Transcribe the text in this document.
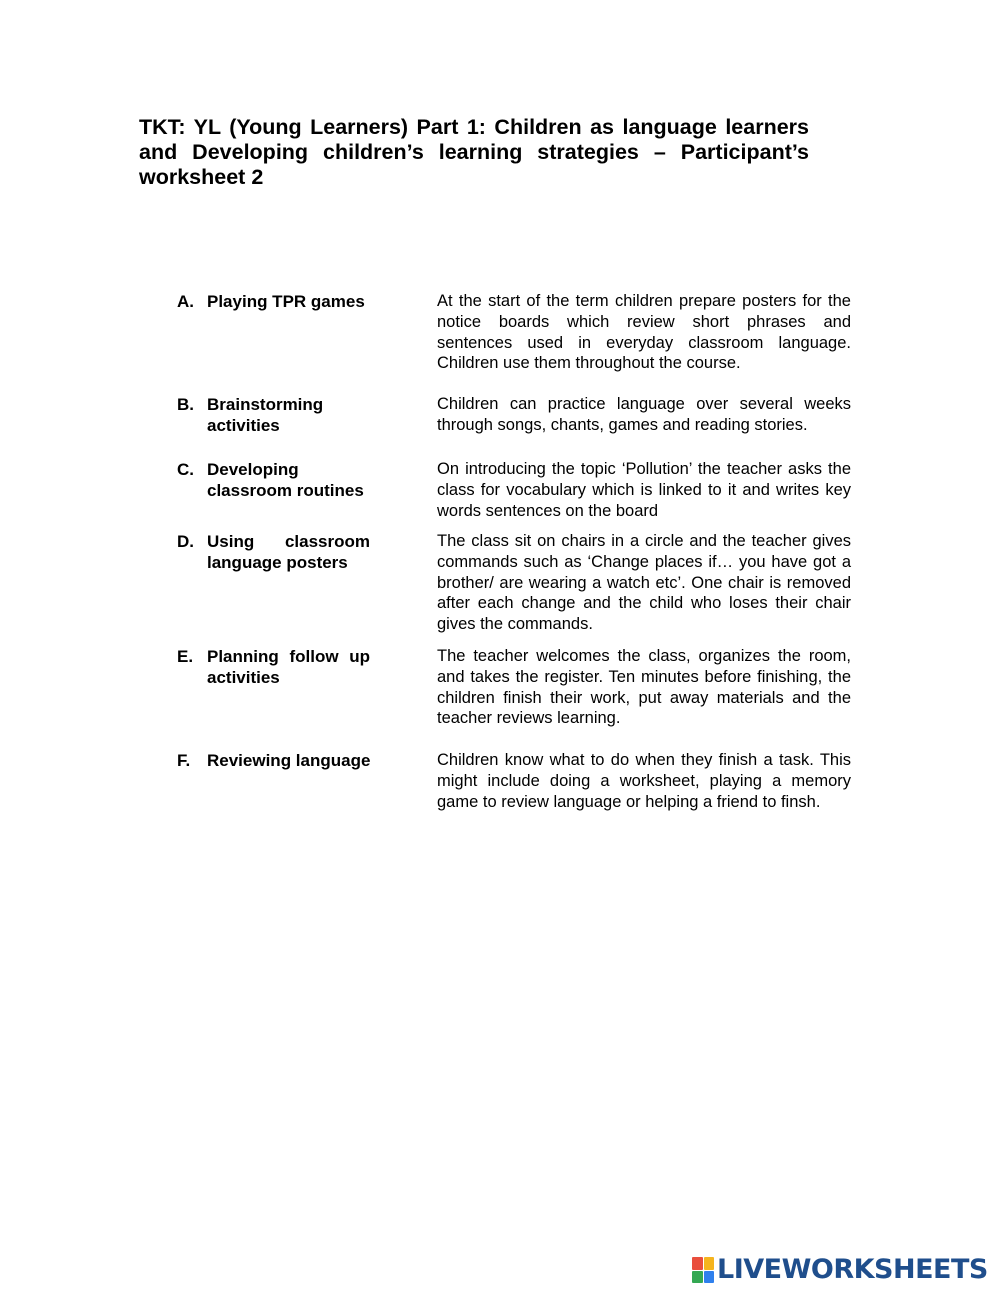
TKT: YL (Young Learners) Part 1: Children as language learners and Developing children’s learning strategies – Participant’s worksheet 2
A. Playing TPR games	At the start of the term children prepare posters for the notice boards which review short phrases and sentences used in everyday classroom language. Children use them throughout the course.
B. Brainstorming activities
Children can practice language over several weeks through songs, chants, games and reading stories.
C. Developing classroom routines
On introducing the topic ‘Pollution’ the teacher asks the class for vocabulary which is linked to it and writes key words sentences on the board
D. Using classroom language posters
The class sit on chairs in a circle and the teacher gives commands such as ‘Change places if… you have got a brother/ are wearing a watch etc’. One chair is removed after each change and the child who loses their chair gives the commands.
E. Planning follow up activities
The teacher welcomes the class, organizes the room, and takes the register. Ten minutes before finishing, the children finish their work, put away materials and the teacher reviews learning.
F. Reviewing language	Children know what to do when they finish a task. This might include doing a worksheet, playing a memory game to review language or helping a friend to finsh.
LIVEWORKSHEETS
